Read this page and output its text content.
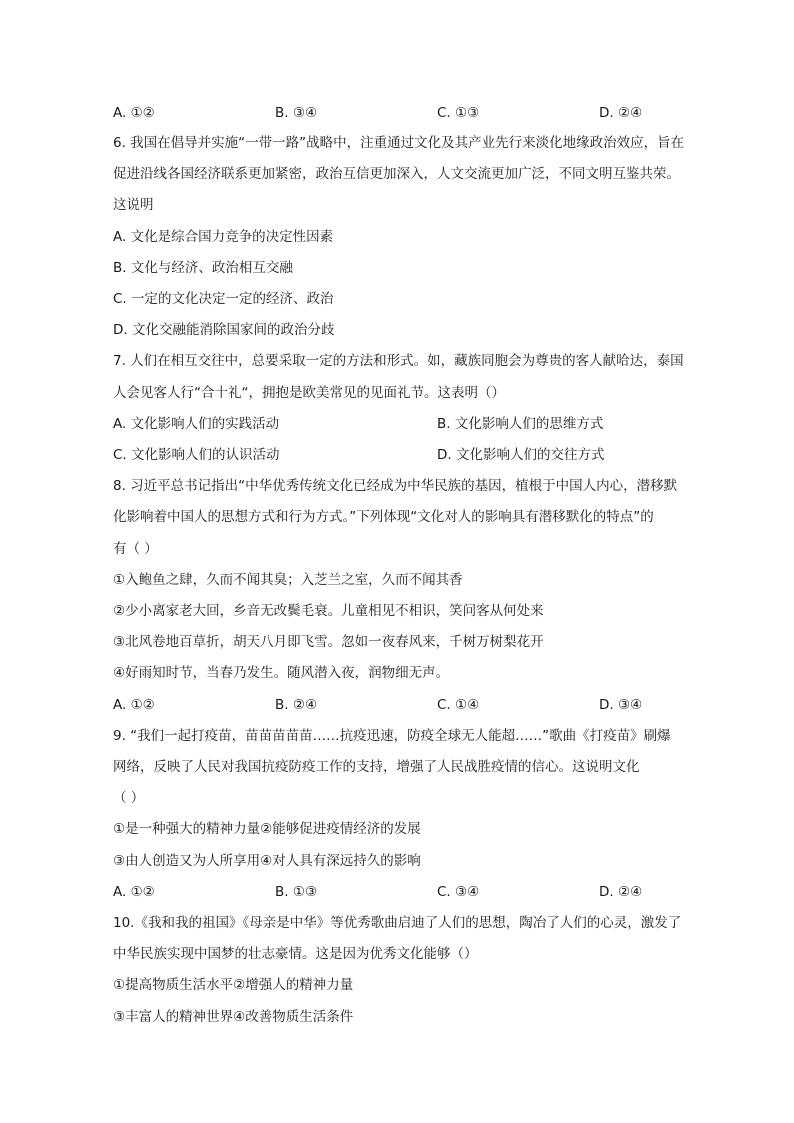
A. ①②	B. ③④	C. ①③	D. ②④
6. 我国在倡导并实施“一带一路”战略中，注重通过文化及其产业先行来淡化地缘政治效应，旨在
促进沿线各国经济联系更加紧密，政治互信更加深入，人文交流更加广泛，不同文明互鉴共荣。
这说明
A. 文化是综合国力竞争的决定性因素
B. 文化与经济、政治相互交融
C. 一定的文化决定一定的经济、政治
D. 文化交融能消除国家间的政治分歧
7. 人们在相互交往中，总要采取一定的方法和形式。如，藏族同胞会为尊贵的客人献哈达，泰国
人会见客人行“合十礼“，拥抱是欧美常见的见面礼节。这表明（）
A. 文化影响人们的实践活动	B. 文化影响人们的思维方式
C. 文化影响人们的认识活动	D. 文化影响人们的交往方式
8. 习近平总书记指出“中华优秀传统文化已经成为中华民族的基因，植根于中国人内心，潜移默
化影响着中国人的思想方式和行为方式。”下列体现“文化对人的影响具有潜移默化的特点”的
有（ ）
①入鲍鱼之肆，久而不闻其臭；入芝兰之室，久而不闻其香
②少小离家老大回，乡音无改鬓毛衰。儿童相见不相识，笑问客从何处来
③北风卷地百草折，胡天八月即飞雪。忽如一夜春风来，千树万树梨花开
④好雨知时节，当春乃发生。随风潜入夜，润物细无声。
A. ①②	B. ②④	C. ①④	D. ③④
9. “我们一起打疫苗，苗苗苗苗苗……抗疫迅速，防疫全球无人能超……”歌曲《打疫苗》刷爆
网络，反映了人民对我国抗疫防疫工作的支持，增强了人民战胜疫情的信心。这说明文化
（ ）
①是一种强大的精神力量②能够促进疫情经济的发展
③由人创造又为人所享用④对人具有深远持久的影响
A. ①②	B. ①③	C. ③④	D. ②④
10.《我和我的祖国》《母亲是中华》等优秀歌曲启迪了人们的思想，陶冶了人们的心灵，激发了
中华民族实现中国梦的壮志豪情。这是因为优秀文化能够（）
①提高物质生活水平②增强人的精神力量
③丰富人的精神世界④改善物质生活条件
